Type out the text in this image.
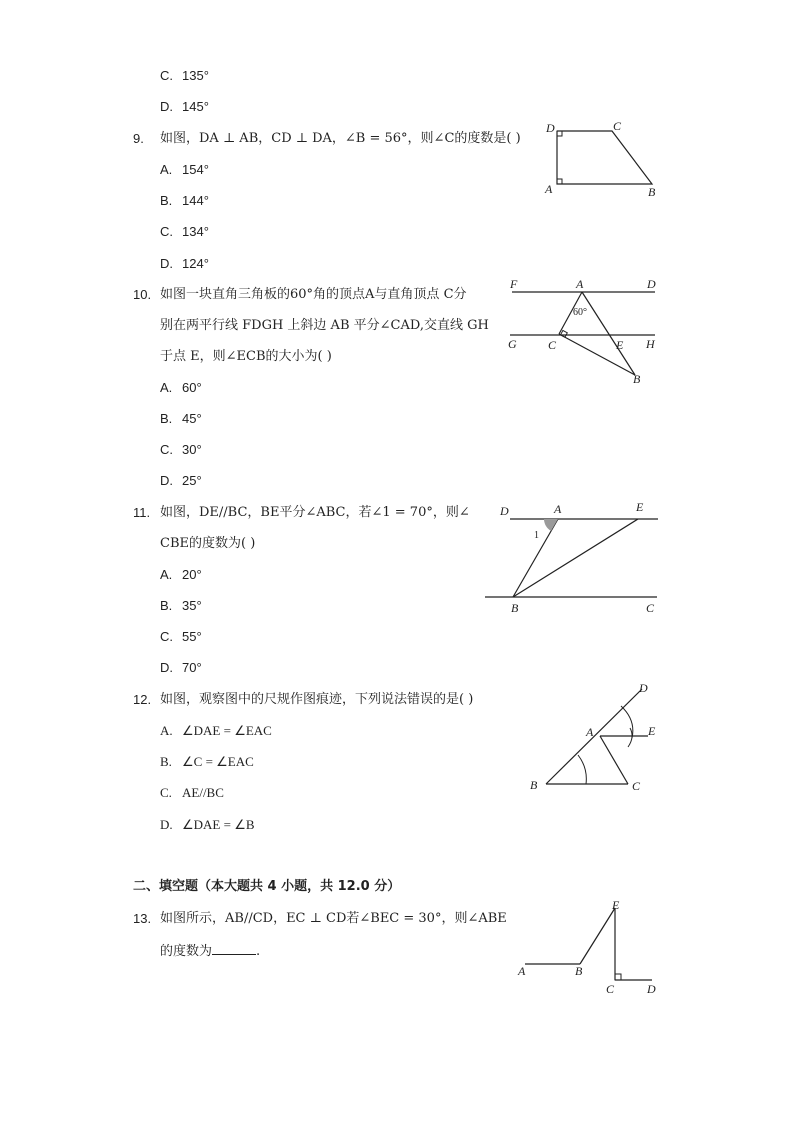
C. 135°
D. 145°
9. 如图，DA ⊥ AB，CD ⊥ DA，∠B = 56°，则∠C的度数是( )
A. 154°
B. 144°
C. 134°
D. 124°
D	C
A	B
10. 如图一块直角三角板的60°角的顶点A与直角顶点 C分
别在两平行线 FDGH 上斜边 AB 平分∠CAD,交直线 GH
于点 E，则∠ECB的大小为( )
A. 60°
B. 45°
C. 30°
D. 25°
F	A	D
60°
G	C	E H
B
11. 如图，DE//BC，BE平分∠ABC，若∠1 = 70°，则∠
CBE的度数为( )
A. 20°
B. 35°
C. 55°
D. 70°
D	A	E
1
B	C
12. 如图，观察图中的尺规作图痕迹，下列说法错误的是( )
A. ∠DAE = ∠EAC
B. ∠C = ∠EAC
C. AE//BC
D. ∠DAE = ∠B
D
A	E
B	C
二、填空题（本大题共 4 小题，共 12.0 分）
13. 如图所示，AB//CD，EC ⊥ CD若∠BEC = 30°，则∠ABE
的度数为	.
E
A	B
C	D
